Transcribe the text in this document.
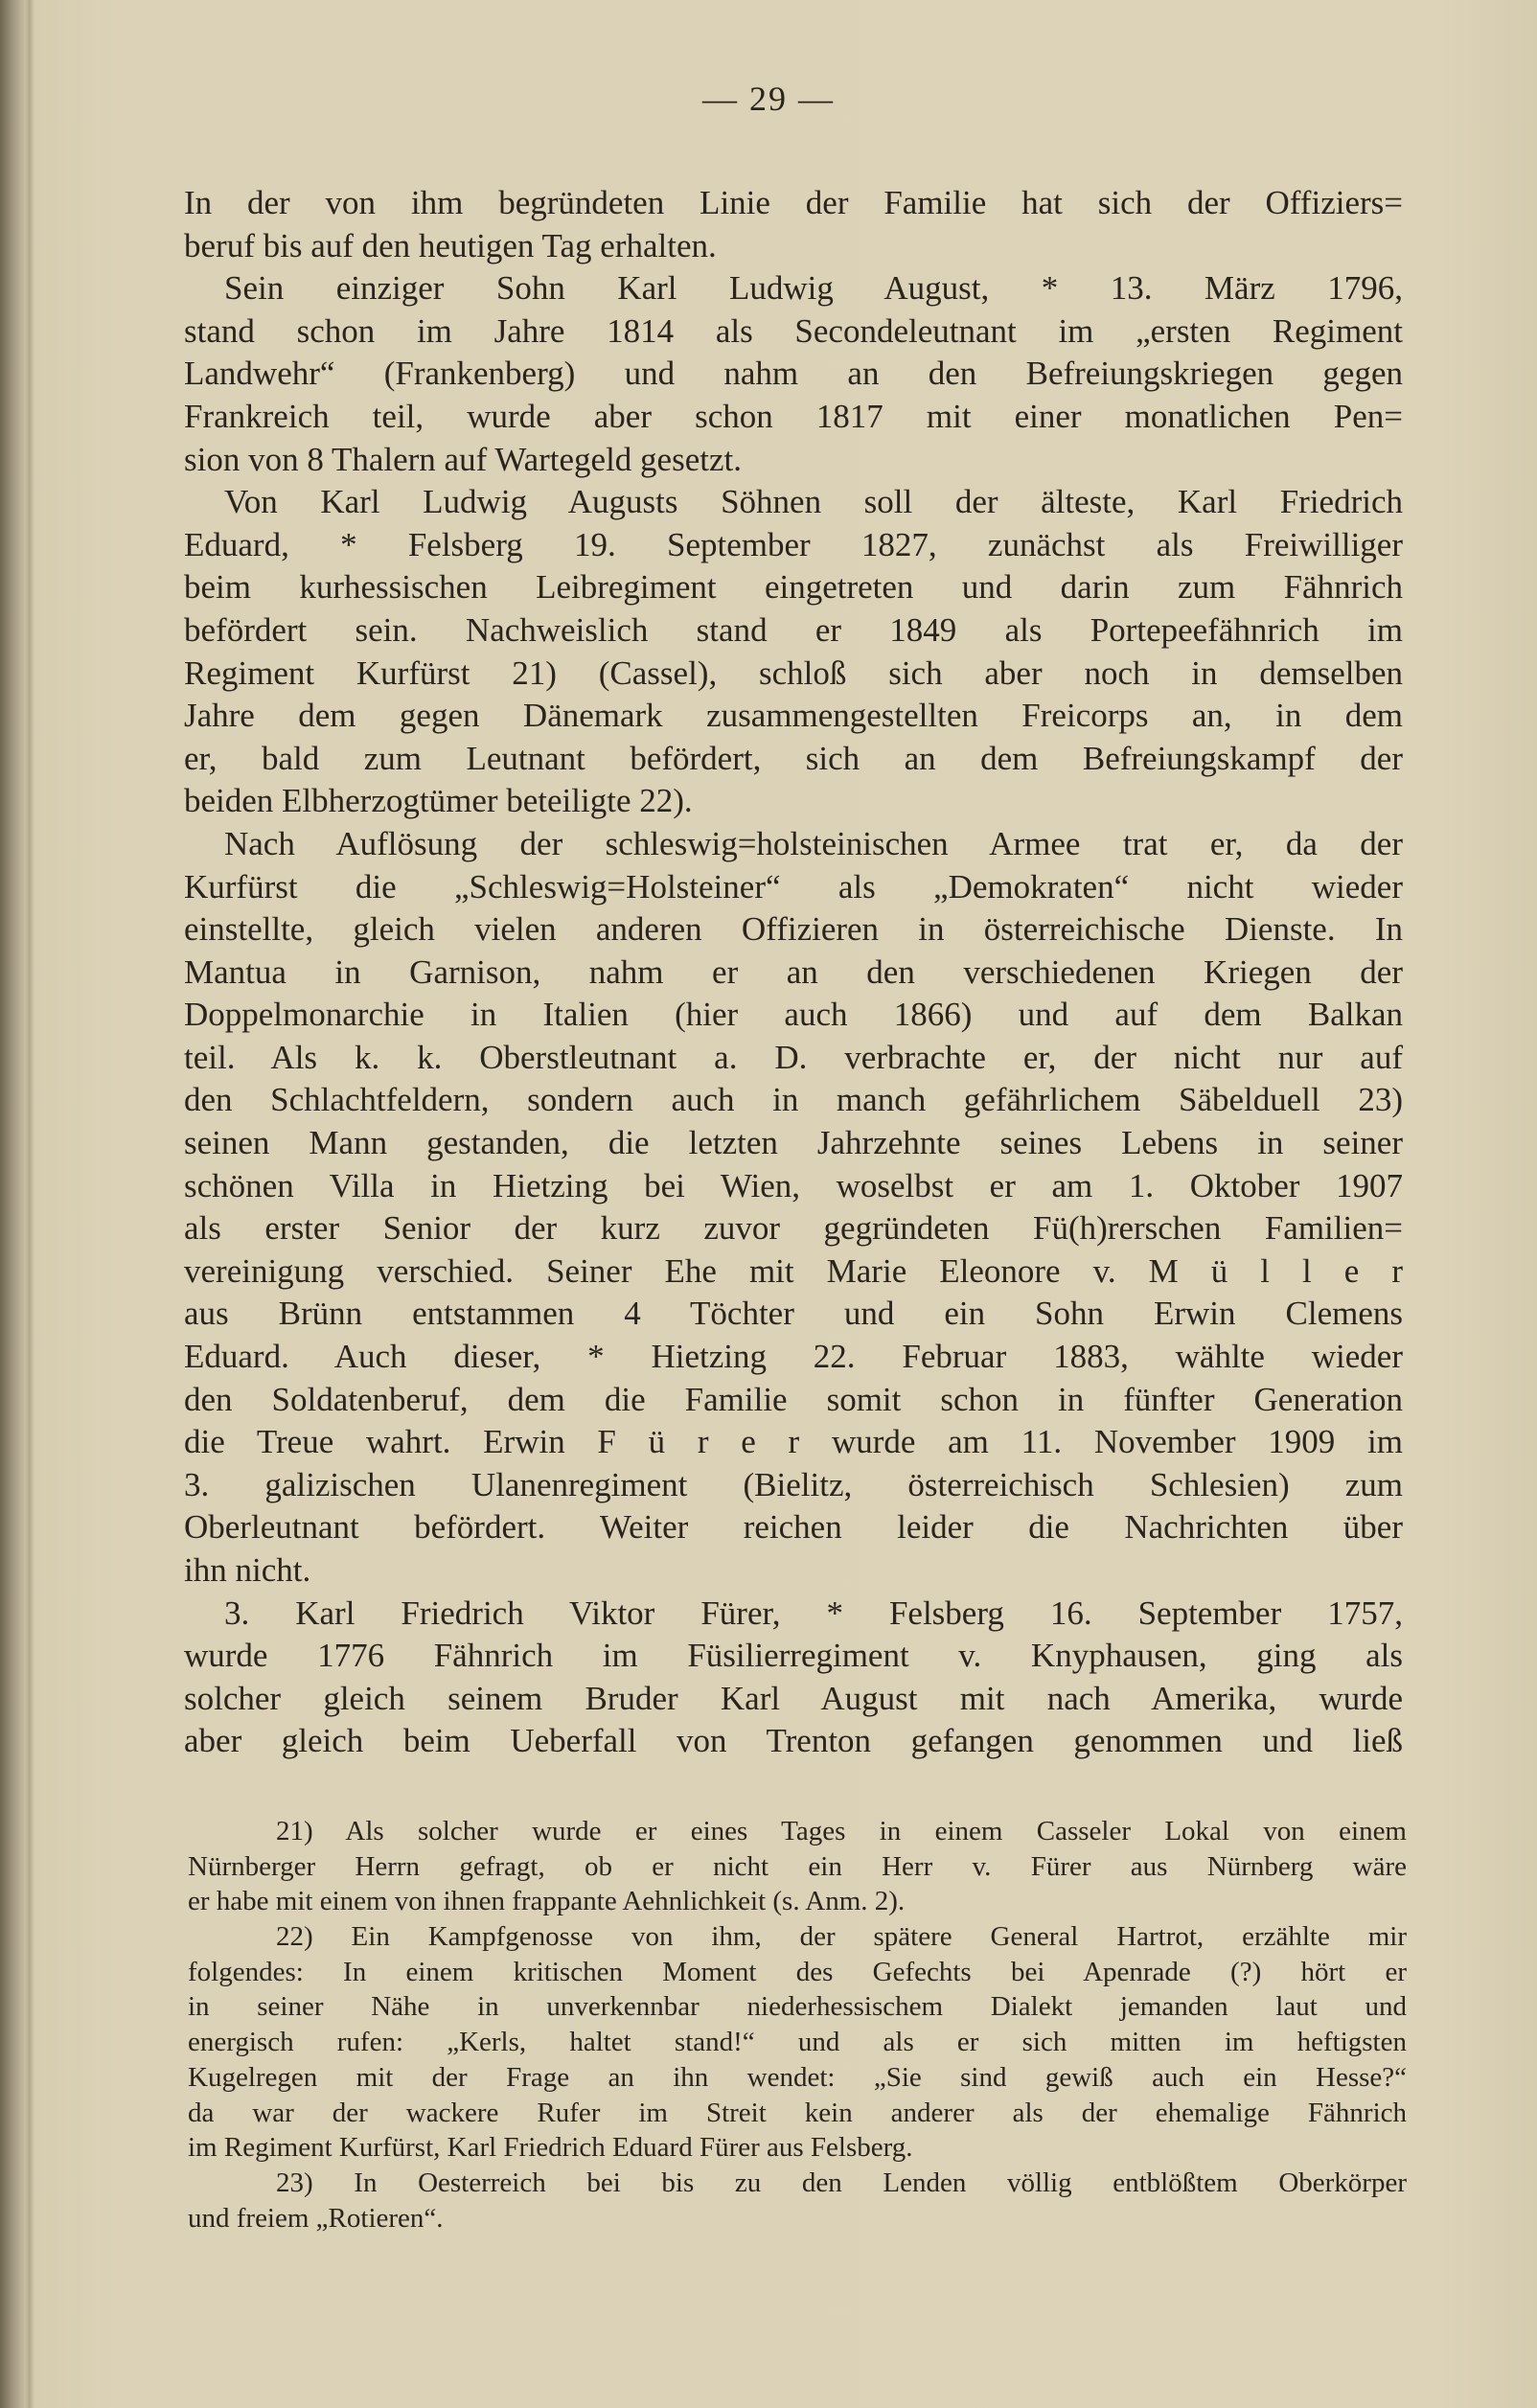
— 29 —
In der von ihm begründeten Linie der Familie hat sich der Offiziers=
beruf bis auf den heutigen Tag erhalten.
Sein einziger Sohn Karl Ludwig August, * 13. März 1796,
stand schon im Jahre 1814 als Secondeleutnant im „ersten Regiment
Landwehr“ (Frankenberg) und nahm an den Befreiungskriegen gegen
Frankreich teil, wurde aber schon 1817 mit einer monatlichen Pen=
sion von 8 Thalern auf Wartegeld gesetzt.
Von Karl Ludwig Augusts Söhnen soll der älteste, Karl Friedrich
Eduard, * Felsberg 19. September 1827, zunächst als Freiwilliger
beim kurhessischen Leibregiment eingetreten und darin zum Fähnrich
befördert sein. Nachweislich stand er 1849 als Portepeefähnrich im
Regiment Kurfürst 21) (Cassel), schloß sich aber noch in demselben
Jahre dem gegen Dänemark zusammengestellten Freicorps an, in dem
er, bald zum Leutnant befördert, sich an dem Befreiungskampf der
beiden Elbherzogtümer beteiligte 22).
Nach Auflösung der schleswig=holsteinischen Armee trat er, da der
Kurfürst die „Schleswig=Holsteiner“ als „Demokraten“ nicht wieder
einstellte, gleich vielen anderen Offizieren in österreichische Dienste. In
Mantua in Garnison, nahm er an den verschiedenen Kriegen der
Doppelmonarchie in Italien (hier auch 1866) und auf dem Balkan
teil. Als k. k. Oberstleutnant a. D. verbrachte er, der nicht nur auf
den Schlachtfeldern, sondern auch in manch gefährlichem Säbelduell 23)
seinen Mann gestanden, die letzten Jahrzehnte seines Lebens in seiner
schönen Villa in Hietzing bei Wien, woselbst er am 1. Oktober 1907
als erster Senior der kurz zuvor gegründeten Fü(h)rerschen Familien=
vereinigung verschied. Seiner Ehe mit Marie Eleonore v. M ü l l e r
aus Brünn entstammen 4 Töchter und ein Sohn Erwin Clemens
Eduard. Auch dieser, * Hietzing 22. Februar 1883, wählte wieder
den Soldatenberuf, dem die Familie somit schon in fünfter Generation
die Treue wahrt. Erwin F ü r e r wurde am 11. November 1909 im
3. galizischen Ulanenregiment (Bielitz, österreichisch Schlesien) zum
Oberleutnant befördert. Weiter reichen leider die Nachrichten über
ihn nicht.
3. Karl Friedrich Viktor Fürer, * Felsberg 16. September 1757,
wurde 1776 Fähnrich im Füsilierregiment v. Knyphausen, ging als
solcher gleich seinem Bruder Karl August mit nach Amerika, wurde
aber gleich beim Ueberfall von Trenton gefangen genommen und ließ
21) Als solcher wurde er eines Tages in einem Casseler Lokal von einem
Nürnberger Herrn gefragt, ob er nicht ein Herr v. Fürer aus Nürnberg wäre
er habe mit einem von ihnen frappante Aehnlichkeit (s. Anm. 2).
22) Ein Kampfgenosse von ihm, der spätere General Hartrot, erzählte mir
folgendes: In einem kritischen Moment des Gefechts bei Apenrade (?) hört er
in seiner Nähe in unverkennbar niederhessischem Dialekt jemanden laut und
energisch rufen: „Kerls, haltet stand!“ und als er sich mitten im heftigsten
Kugelregen mit der Frage an ihn wendet: „Sie sind gewiß auch ein Hesse?“
da war der wackere Rufer im Streit kein anderer als der ehemalige Fähnrich
im Regiment Kurfürst, Karl Friedrich Eduard Fürer aus Felsberg.
23) In Oesterreich bei bis zu den Lenden völlig entblößtem Oberkörper
und freiem „Rotieren“.
